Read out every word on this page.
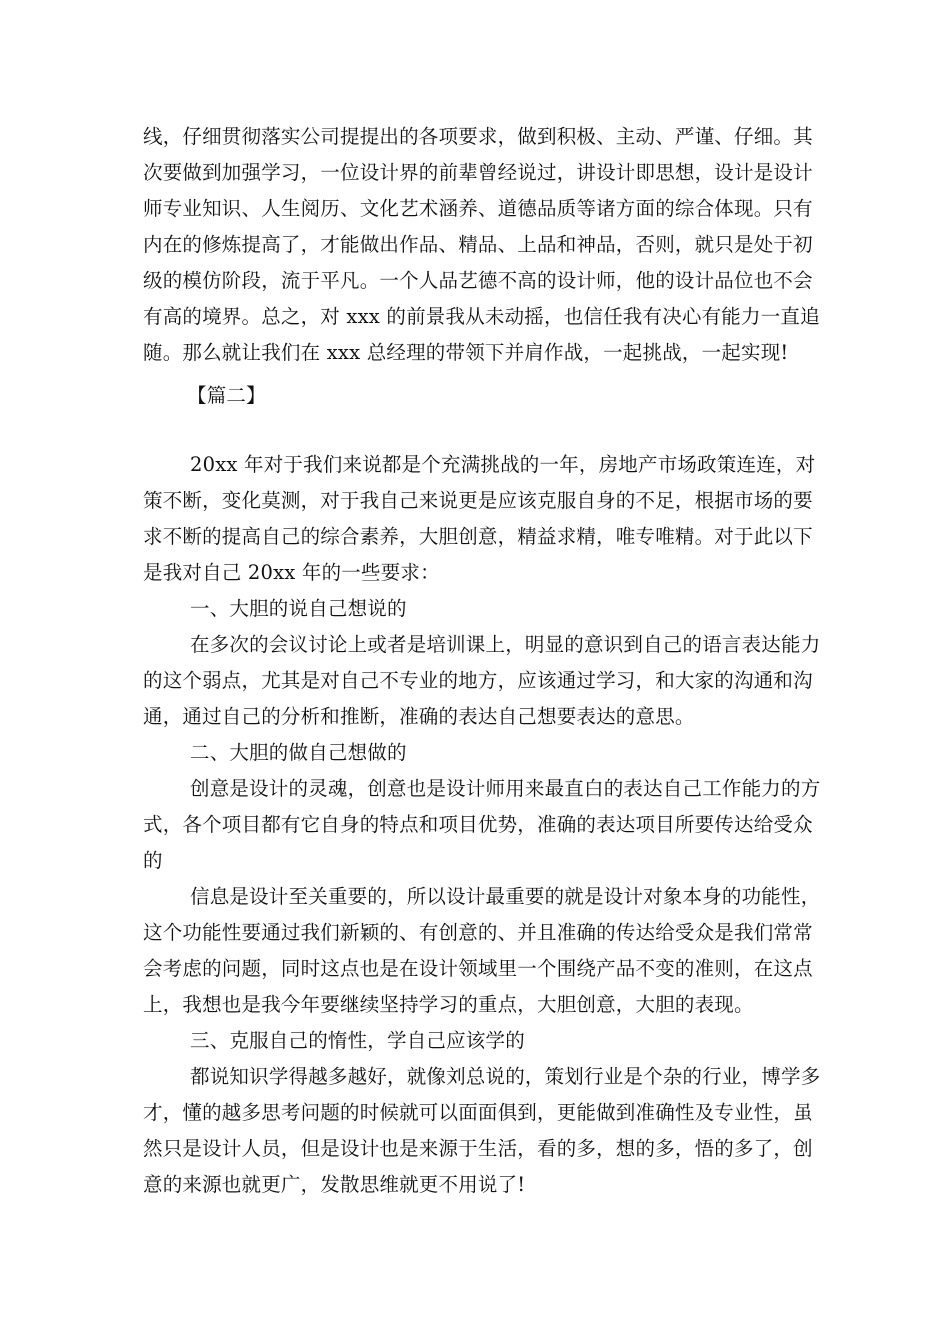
线，仔细贯彻落实公司提提出的各项要求，做到积极、主动、严谨、仔细。其
次要做到加强学习，一位设计界的前辈曾经说过，讲设计即思想，设计是设计
师专业知识、人生阅历、文化艺术涵养、道德品质等诸方面的综合体现。只有
内在的修炼提高了，才能做出作品、精品、上品和神品，否则，就只是处于初
级的模仿阶段，流于平凡。一个人品艺德不高的设计师，他的设计品位也不会
有高的境界。总之，对 xxx 的前景我从未动摇，也信任我有决心有能力一直追
随。那么就让我们在 xxx 总经理的带领下并肩作战，一起挑战，一起实现!
【篇二】
20xx 年对于我们来说都是个充满挑战的一年，房地产市场政策连连，对
策不断，变化莫测，对于我自己来说更是应该克服自身的不足，根据市场的要
求不断的提高自己的综合素养，大胆创意，精益求精，唯专唯精。对于此以下
是我对自己 20xx 年的一些要求：
一、大胆的说自己想说的
在多次的会议讨论上或者是培训课上，明显的意识到自己的语言表达能力
的这个弱点，尤其是对自己不专业的地方，应该通过学习，和大家的沟通和沟
通，通过自己的分析和推断，准确的表达自己想要表达的意思。
二、大胆的做自己想做的
创意是设计的灵魂，创意也是设计师用来最直白的表达自己工作能力的方
式，各个项目都有它自身的特点和项目优势，准确的表达项目所要传达给受众
的
信息是设计至关重要的，所以设计最重要的就是设计对象本身的功能性，
这个功能性要通过我们新颖的、有创意的、并且准确的传达给受众是我们常常
会考虑的问题，同时这点也是在设计领域里一个围绕产品不变的准则，在这点
上，我想也是我今年要继续坚持学习的重点，大胆创意，大胆的表现。
三、克服自己的惰性，学自己应该学的
都说知识学得越多越好，就像刘总说的，策划行业是个杂的行业，博学多
才，懂的越多思考问题的时候就可以面面俱到，更能做到准确性及专业性，虽
然只是设计人员，但是设计也是来源于生活，看的多，想的多，悟的多了，创
意的来源也就更广，发散思维就更不用说了!
